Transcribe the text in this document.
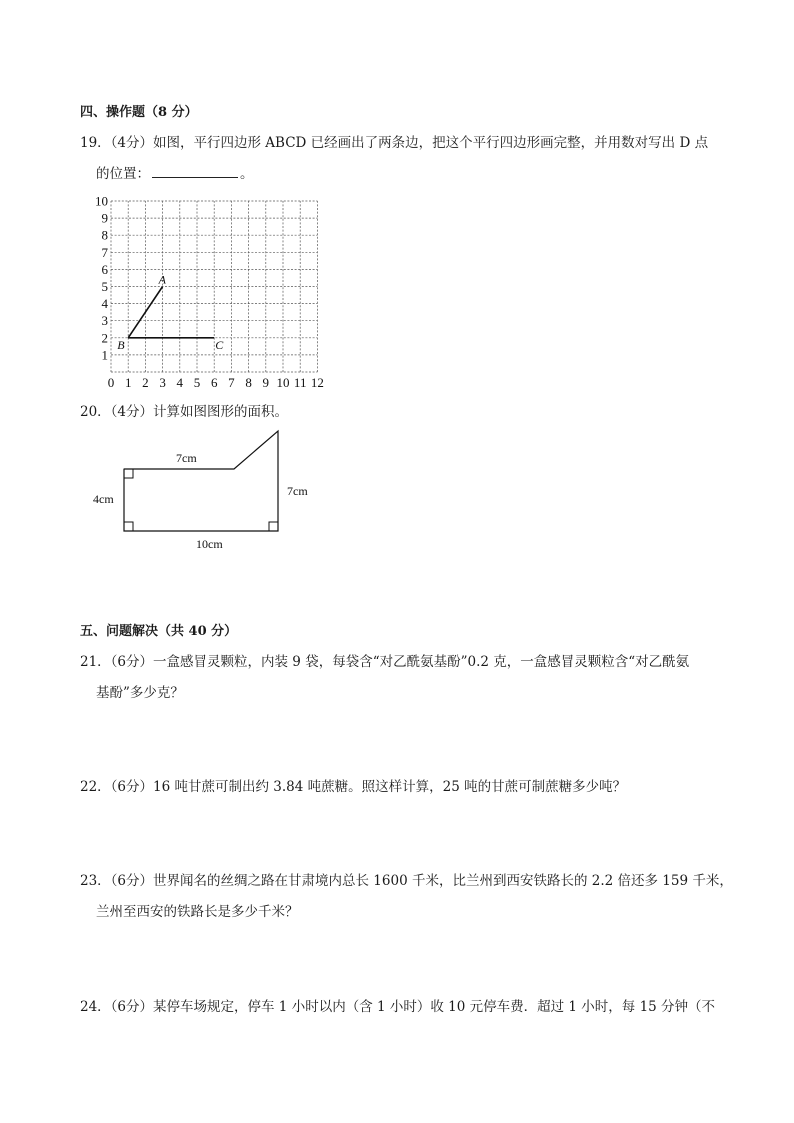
四、操作题（8 分）
19．（4分）如图，平行四边形 ABCD 已经画出了两条边，把这个平行四边形画完整，并用数对写出 D 点
的位置：	。
0 1 2 3 4 5 6 7 8 9 10 11 12
1
2
3
4
5
6
7
8
9
10
A
B	C
20．（4分）计算如图图形的面积。
7cm
4cm
7cm
10cm
五、问题解决（共 40 分）
21．（6分）一盒感冒灵颗粒，内装 9 袋，每袋含“对乙酰氨基酚”0.2 克，一盒感冒灵颗粒含“对乙酰氨
基酚”多少克？
22．（6分）16 吨甘蔗可制出约 3.84 吨蔗糖。照这样计算，25 吨的甘蔗可制蔗糖多少吨？
23．（6分）世界闻名的丝绸之路在甘肃境内总长 1600 千米，比兰州到西安铁路长的 2.2 倍还多 159 千米，
兰州至西安的铁路长是多少千米？
24．（6分）某停车场规定，停车 1 小时以内（含 1 小时）收 10 元停车费．超过 1 小时，每 15 分钟（不
